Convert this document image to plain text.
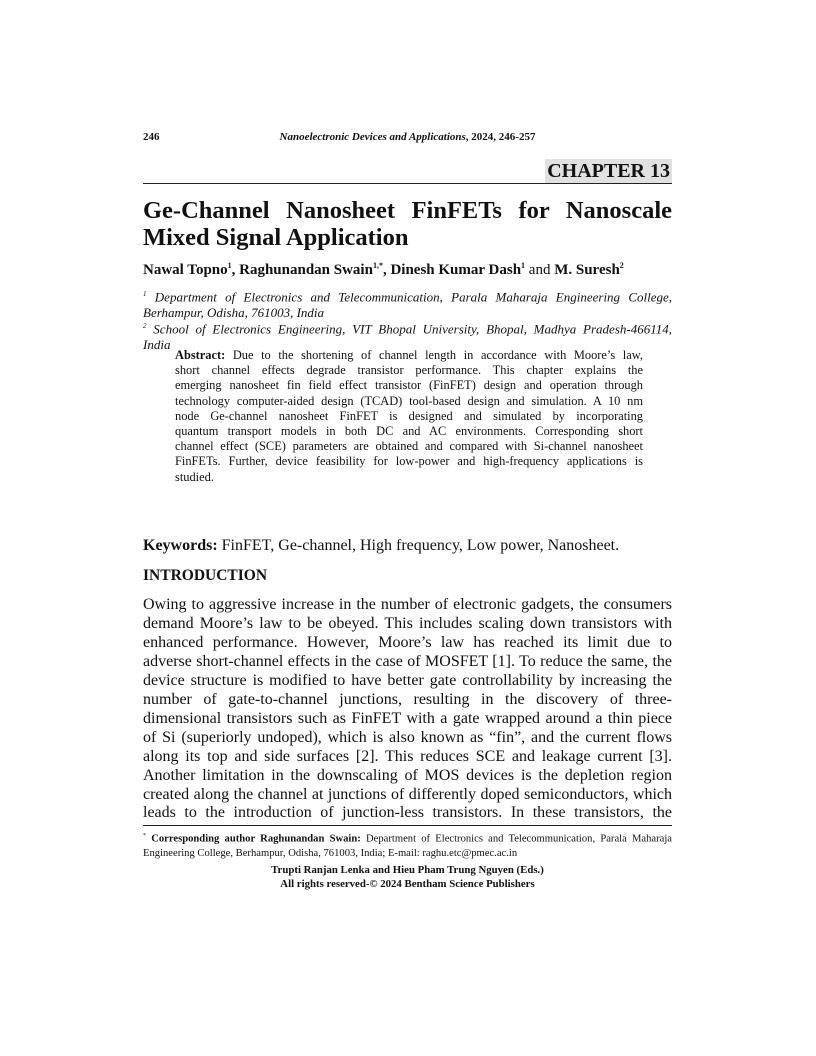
246	Nanoelectronic Devices and Applications, 2024, 246-257
CHAPTER 13
Ge-Channel Nanosheet FinFETs for Nanoscale
Mixed Signal Application
Nawal Topno$^1$, Raghunandan Swain$^{1,*}$, Dinesh Kumar Dash$^1$ and M. Suresh$^2$
$^1$ Department of Electronics and Telecommunication, Parala Maharaja Engineering College,
Berhampur, Odisha, 761003, India
$^2$ School of Electronics Engineering, VIT Bhopal University, Bhopal, Madhya Pradesh-466114,
India
Abstract: Due to the shortening of channel length in accordance with Moore’s law,
short channel effects degrade transistor performance. This chapter explains the
emerging nanosheet fin field effect transistor (FinFET) design and operation through
technology computer-aided design (TCAD) tool-based design and simulation. A 10 nm
node Ge-channel nanosheet FinFET is designed and simulated by incorporating
quantum transport models in both DC and AC environments. Corresponding short
channel effect (SCE) parameters are obtained and compared with Si-channel nanosheet
FinFETs. Further, device feasibility for low-power and high-frequency applications is
studied.
Keywords: FinFET, Ge-channel, High frequency, Low power, Nanosheet.
INTRODUCTION
Owing to aggressive increase in the number of electronic gadgets, the consumers
demand Moore’s law to be obeyed. This includes scaling down transistors with
enhanced performance. However, Moore’s law has reached its limit due to
adverse short-channel effects in the case of MOSFET [1]. To reduce the same, the
device structure is modified to have better gate controllability by increasing the
number of gate-to-channel junctions, resulting in the discovery of three-
dimensional transistors such as FinFET with a gate wrapped around a thin piece
of Si (superiorly undoped), which is also known as “fin”, and the current flows
along its top and side surfaces [2]. This reduces SCE and leakage current [3].
Another limitation in the downscaling of MOS devices is the depletion region
created along the channel at junctions of differently doped semiconductors, which
leads to the introduction of junction-less transistors. In these transistors, the
* Corresponding author Raghunandan Swain: Department of Electronics and Telecommunication, Parala Maharaja
Engineering College, Berhampur, Odisha, 761003, India; E-mail: raghu.etc@pmec.ac.in
Trupti Ranjan Lenka and Hieu Pham Trung Nguyen (Eds.)
All rights reserved-© 2024 Bentham Science Publishers
